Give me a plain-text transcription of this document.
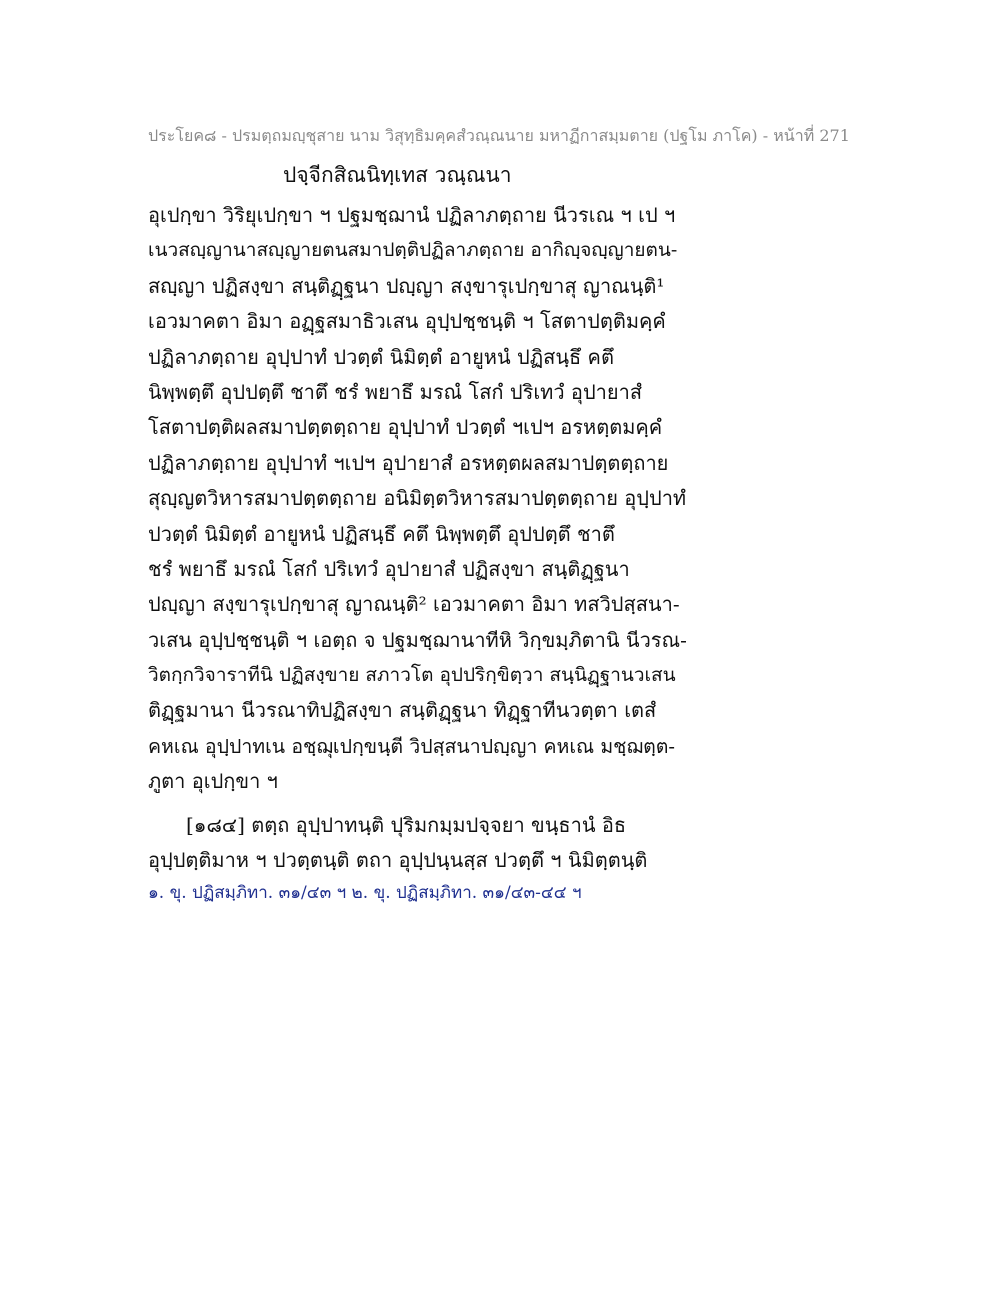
ประโยค๘ - ปรมตฺถมญฺชุสาย นาม วิสุทฺธิมคฺคสํวณฺณนาย มหาฏีกาสมฺมตาย (ปฐโม ภาโค) - หน้าที่ 271
ปจฺจีกสิณนิทฺเทส วณฺณนา
อุเปกฺขา วิริยุเปกฺขา ฯ ปฐมชฺฌานํ ปฏิลาภตฺถาย นีวรเณ ฯ เป ฯ
เนวสญฺญานาสญฺญายตนสมาปตฺติปฏิลาภตฺถาย อากิญฺจญฺญายตน-
สญฺญา ปฏิสงฺขา สนฺติฏฺฐนา ปญฺญา สงฺขารุเปกฺขาสุ ญาณนฺติ¹
เอวมาคตา อิมา อฏฺฐสมาธิวเสน อุปฺปชฺชนฺติ ฯ โสตาปตฺติมคฺคํ
ปฏิลาภตฺถาย อุปฺปาทํ ปวตฺตํ นิมิตฺตํ อายูหนํ ปฏิสนฺธึ คตึ
นิพฺพตฺตึ อุปปตฺตึ ชาตึ ชรํ พยาธึ มรณํ โสกํ ปริเทวํ อุปายาสํ
โสตาปตฺติผลสมาปตฺตตฺถาย อุปฺปาทํ ปวตฺตํ ฯเปฯ อรหตฺตมคฺคํ
ปฏิลาภตฺถาย อุปฺปาทํ ฯเปฯ อุปายาสํ อรหตฺตผลสมาปตฺตตฺถาย
สุญฺญตวิหารสมาปตฺตตฺถาย อนิมิตฺตวิหารสมาปตฺตตฺถาย อุปฺปาทํ
ปวตฺตํ นิมิตฺตํ อายูหนํ ปฏิสนฺธึ คตึ นิพฺพตฺตึ อุปปตฺตึ ชาตึ
ชรํ พยาธึ มรณํ โสกํ ปริเทวํ อุปายาสํ ปฏิสงฺขา สนฺติฏฺฐนา
ปญฺญา สงฺขารุเปกฺขาสุ ญาณนฺติ² เอวมาคตา อิมา ทสวิปสฺสนา-
วเสน อุปฺปชฺชนฺติ ฯ เอตฺถ จ ปฐมชฺฌานาทีหิ วิกฺขมฺภิตานิ นีวรณ-
วิตกฺกวิจาราทีนิ ปฏิสงฺขาย สภาวโต อุปปริกฺขิตฺวา สนฺนิฏฺฐานวเสน
ติฏฺฐมานา นีวรณาทิปฏิสงฺขา สนฺติฏฺฐนา ทิฏฺฐาทีนวตฺตา เตสํ
คหเณ อุปฺปาทเน อชฺฌุเปกฺขนฺตี วิปสฺสนาปญฺญา คหเณ มชฺฌตฺต-
ภูตา อุเปกฺขา ฯ
[๑๘๔] ตตฺถ อุปฺปาทนฺติ ปุริมกมฺมปจฺจยา ขนฺธานํ อิธ
อุปฺปตฺติมาห ฯ ปวตฺตนฺติ ตถา อุปฺปนฺนสฺส ปวตฺตึ ฯ นิมิตฺตนฺติ
๑. ขุ. ปฏิสมฺภิทา. ๓๑/๔๓ ฯ ๒. ขุ. ปฏิสมฺภิทา. ๓๑/๔๓-๔๔ ฯ
